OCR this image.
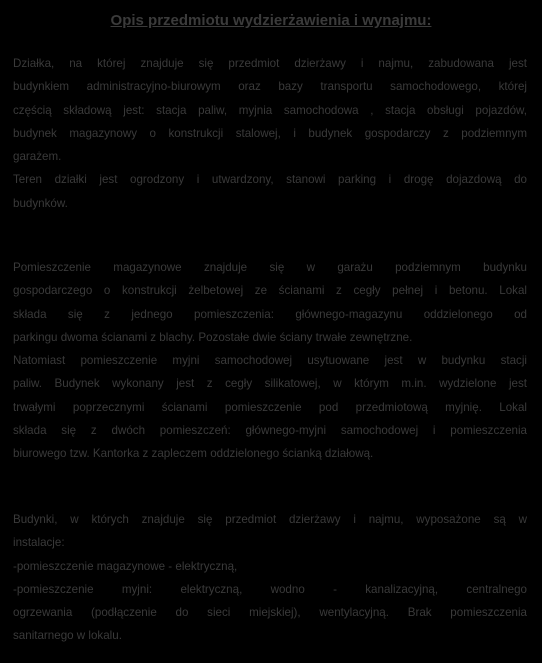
Opis przedmiotu wydzierżawienia i wynajmu:
Działka, na której znajduje się przedmiot dzierżawy i najmu, zabudowana jest
budynkiem administracyjno-biurowym oraz bazy transportu samochodowego, której
częścią składową jest: stacja paliw, myjnia samochodowa , stacja obsługi pojazdów,
budynek magazynowy o konstrukcji stalowej, i budynek gospodarczy z podziemnym
garażem.
Teren działki jest ogrodzony i utwardzony, stanowi parking i drogę dojazdową do
budynków.
Pomieszczenie magazynowe znajduje się w garażu podziemnym budynku
gospodarczego o konstrukcji żelbetowej ze ścianami z cegły pełnej i betonu. Lokal
składa się z jednego pomieszczenia: głównego-magazynu oddzielonego od
parkingu dwoma ścianami z blachy. Pozostałe dwie ściany trwałe zewnętrzne.
Natomiast pomieszczenie myjni samochodowej usytuowane jest w budynku stacji
paliw. Budynek wykonany jest z cegły silikatowej, w którym m.in. wydzielone jest
trwałymi poprzecznymi ścianami pomieszczenie pod przedmiotową myjnię. Lokal
składa się z dwóch pomieszczeń: głównego-myjni samochodowej i pomieszczenia
biurowego tzw. Kantorka z zapleczem oddzielonego ścianką działową.
Budynki, w których znajduje się przedmiot dzierżawy i najmu, wyposażone są w
instalacje:
-pomieszczenie magazynowe - elektryczną,
-pomieszczenie myjni: elektryczną, wodno - kanalizacyjną, centralnego
ogrzewania (podłączenie do sieci miejskiej), wentylacyjną. Brak pomieszczenia
sanitarnego w lokalu.
